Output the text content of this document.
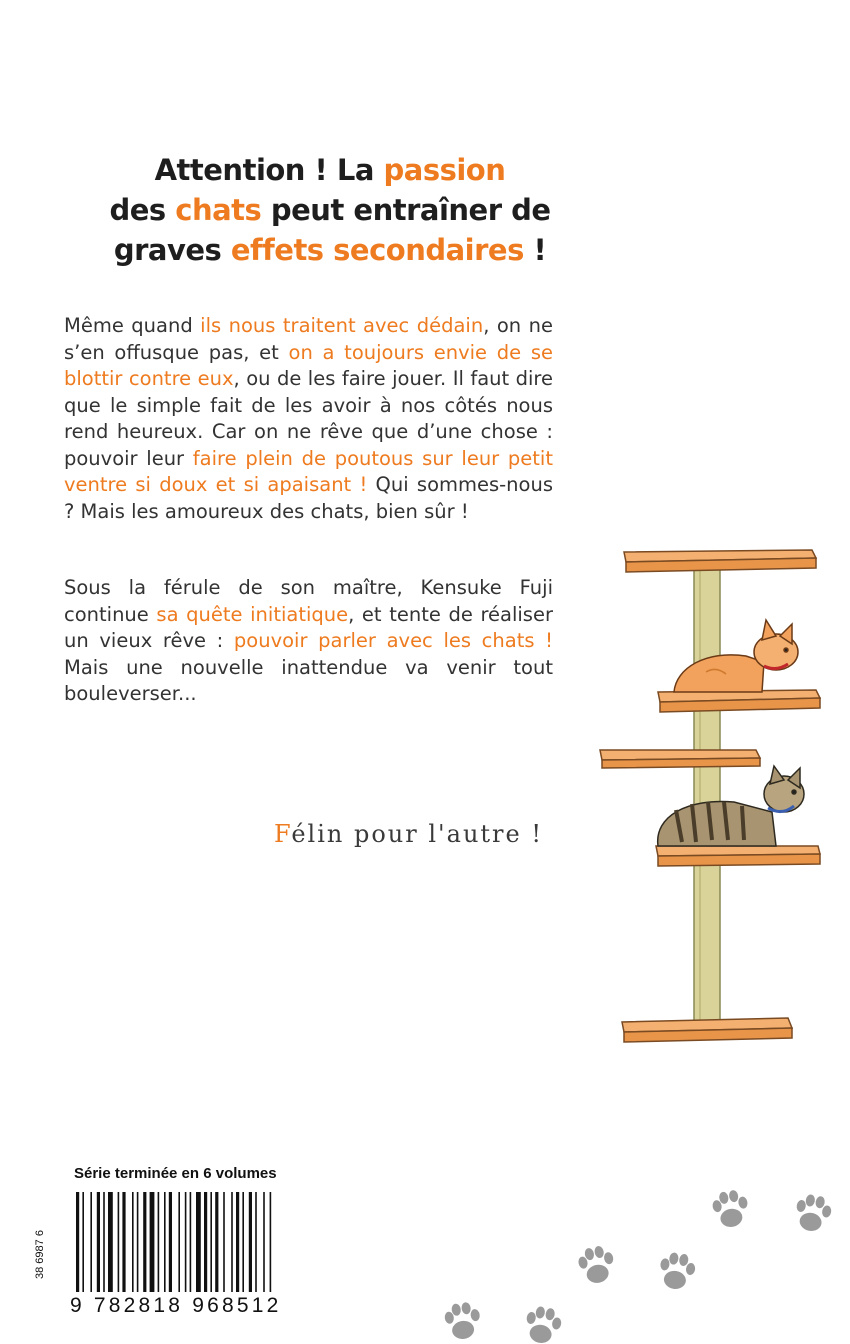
Attention ! La passion
des chats peut entraîner de
graves effets secondaires !
Même quand ils nous traitent avec dédain, on ne s’en offusque pas, et on a toujours envie de se blottir contre eux, ou de les faire jouer. Il faut dire que le simple fait de les avoir à nos côtés nous rend heureux. Car on ne rêve que d’une chose : pouvoir leur faire plein de poutous sur leur petit ventre si doux et si apaisant ! Qui sommes-nous ? Mais les amoureux des chats, bien sûr !
Sous la férule de son maître, Kensuke Fuji continue sa quête initiatique, et tente de réaliser un vieux rêve : pouvoir parler avec les chats ! Mais une nouvelle inattendue va venir tout bouleverser...
Félin pour l'autre !
Série terminée en 6 volumes
38 6987 6
9 782818 968512
